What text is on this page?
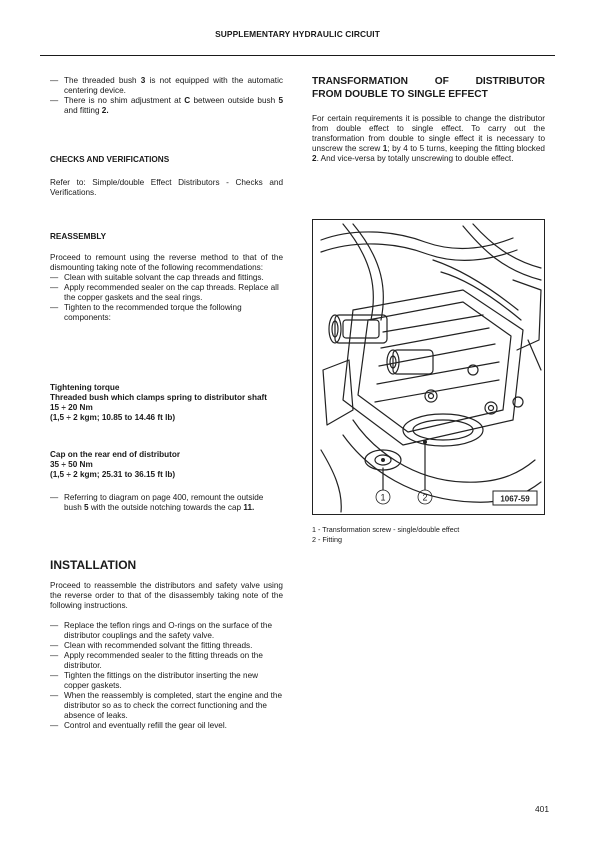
SUPPLEMENTARY HYDRAULIC CIRCUIT
— The threaded bush 3 is not equipped with the automatic centering device.
— There is no shim adjustment at C between outside bush 5 and fitting 2.
CHECKS AND VERIFICATIONS
Refer to: Simple/double Effect Distributors - Checks and Verifications.
REASSEMBLY

Proceed to remount using the reverse method to that of the dismounting taking note of the following recommendations:

— Clean with suitable solvant the cap threads and fittings.
— Apply recommended sealer on the cap threads. Replace all the copper gaskets and the seal rings.
— Tighten to the recommended torque the following components:

Tightening torque

Threaded bush which clamps spring to distributor shaft

15 ÷ 20 Nm

(1,5 ÷ 2 kgm; 10.85 to 14.46 ft lb)

Cap on the rear end of distributor

35 ÷ 50 Nm

(1,5 ÷ 2 kgm; 25.31 to 36.15 ft lb)

— Referring to diagram on page 400, remount the outside bush 5 with the outside notching towards the cap 11.
INSTALLATION

Proceed to reassemble the distributors and safety valve using the reverse order to that of the disassembly taking note of the following instructions.

— Replace the teflon rings and O-rings on the surface of the distributor couplings and the safety valve.
— Clean with recommended solvant the fitting threads.
— Apply recommended sealer to the fitting threads on the distributor.
— Tighten the fittings on the distributor inserting the new copper gaskets.
— When the reassembly is completed, start the engine and the distributor so as to check the correct functioning and the absence of leaks.
— Control and eventually refill the gear oil level.

TRANSFORMATION OF DISTRIBUTOR

FROM DOUBLE TO SINGLE EFFECT

For certain requirements it is possible to change the distributor from double effect to single effect. To carry out the transformation from double to single effect it is necessary to unscrew the screw 1; by 4 to 5 turns, keeping the fitting blocked 2. And vice-versa by totally unscrewing to double effect.
1	2	1067-59

1 - Transformation screw - single/double effect

2 - Fitting

401
